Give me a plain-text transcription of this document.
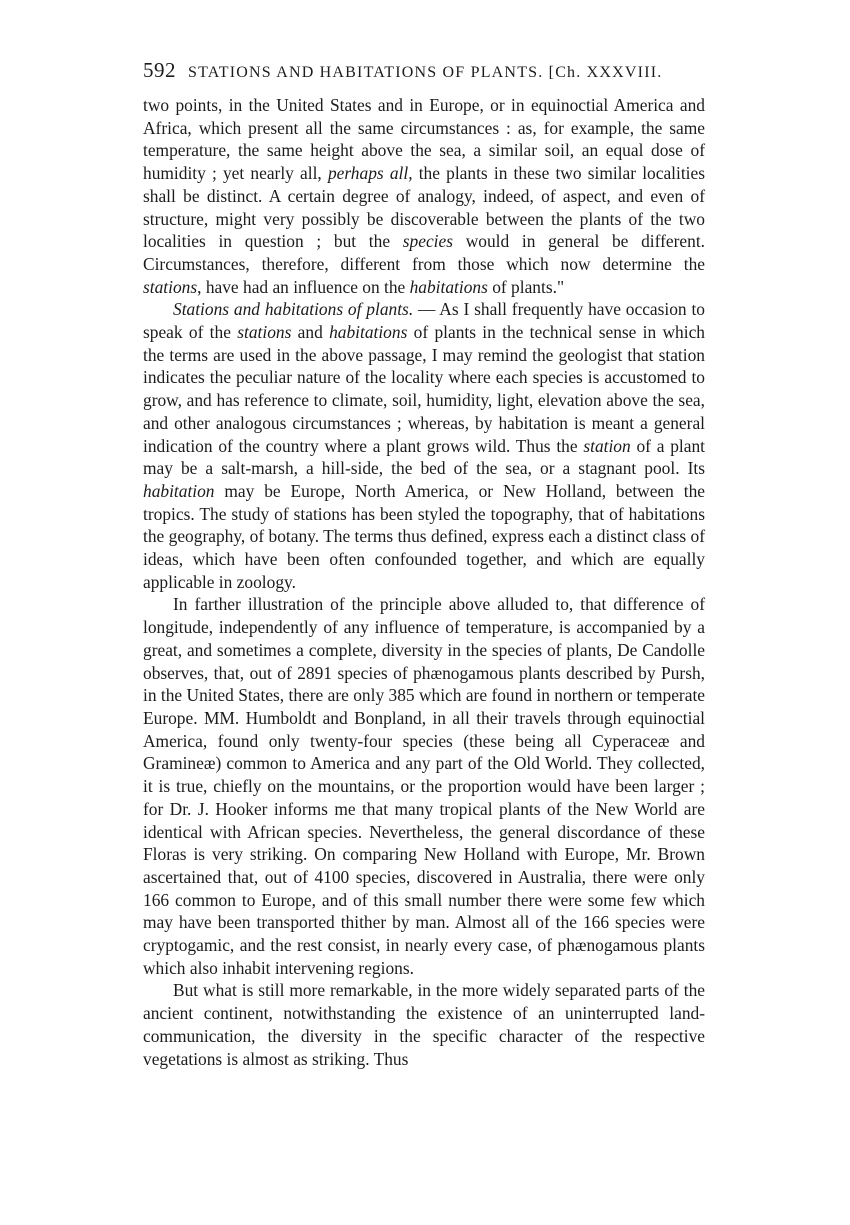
592 STATIONS AND HABITATIONS OF PLANTS. [Ch. XXXVIII.

two points, in the United States and in Europe, or in equinoctial America and Africa, which present all the same circumstances : as, for example, the same temperature, the same height above the sea, a similar soil, an equal dose of humidity ; yet nearly all, perhaps all, the plants in these two similar localities shall be distinct. A certain degree of analogy, indeed, of aspect, and even of structure, might very possibly be discoverable between the plants of the two localities in question ; but the species would in general be different. Circumstances, therefore, different from those which now determine the stations, have had an influence on the habitations of plants."

Stations and habitations of plants. — As I shall frequently have occasion to speak of the stations and habitations of plants in the technical sense in which the terms are used in the above passage, I may remind the geologist that station indicates the peculiar nature of the locality where each species is accustomed to grow, and has reference to climate, soil, humidity, light, elevation above the sea, and other analogous circumstances ; whereas, by habitation is meant a general indication of the country where a plant grows wild. Thus the station of a plant may be a salt-marsh, a hill-side, the bed of the sea, or a stagnant pool. Its habitation may be Europe, North America, or New Holland, between the tropics. The study of stations has been styled the topography, that of habitations the geography, of botany. The terms thus defined, express each a distinct class of ideas, which have been often confounded together, and which are equally applicable in zoology.

In farther illustration of the principle above alluded to, that difference of longitude, independently of any influence of temperature, is accompanied by a great, and sometimes a complete, diversity in the species of plants, De Candolle observes, that, out of 2891 species of phænogamous plants described by Pursh, in the United States, there are only 385 which are found in northern or temperate Europe. MM. Humboldt and Bonpland, in all their travels through equinoctial America, found only twenty-four species (these being all Cyperaceæ and Gramineæ) common to America and any part of the Old World. They collected, it is true, chiefly on the mountains, or the proportion would have been larger ; for Dr. J. Hooker informs me that many tropical plants of the New World are identical with African species. Nevertheless, the general discordance of these Floras is very striking. On comparing New Holland with Europe, Mr. Brown ascertained that, out of 4100 species, discovered in Australia, there were only 166 common to Europe, and of this small number there were some few which may have been transported thither by man. Almost all of the 166 species were cryptogamic, and the rest consist, in nearly every case, of phænogamous plants which also inhabit intervening regions.

But what is still more remarkable, in the more widely separated parts of the ancient continent, notwithstanding the existence of an uninterrupted land-communication, the diversity in the specific character of the respective vegetations is almost as striking. Thus
